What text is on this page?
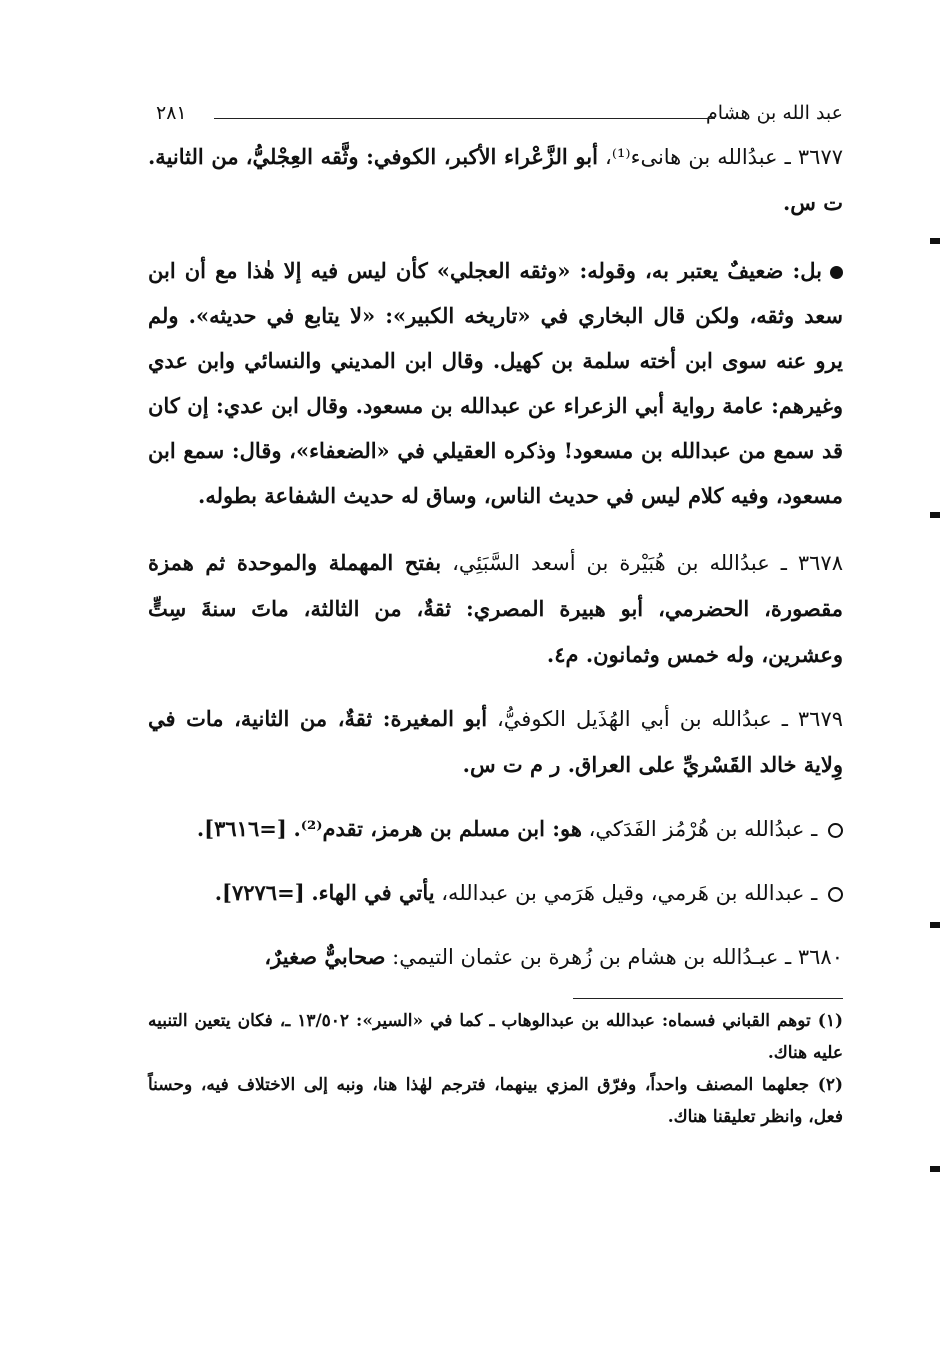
عبد الله بن هشام
٢٨١

٣٦٧٧ ـ عبدُالله بن هانىء⁽¹⁾، أبو الزَّعْراء الأكبر، الكوفي: وثَّقه العِجْليُّ، من الثانية. ت س.

بل: ضعيفٌ يعتبر به، وقوله: «وثقه العجلي» كأن ليس فيه إلا هٰذا مع أن ابن سعد وثقه، ولكن قال البخاري في «تاريخه الكبير»: «لا يتابع في حديثه». ولم يرو عنه سوى ابن أخته سلمة بن كهيل. وقال ابن المديني والنسائي وابن عدي وغيرهم: عامة رواية أبي الزعراء عن عبدالله بن مسعود. وقال ابن عدي: إن كان قد سمع من عبدالله بن مسعود! وذكره العقيلي في «الضعفاء»، وقال: سمع ابن مسعود، وفيه كلام ليس في حديث الناس، وساق له حديث الشفاعة بطوله.

٣٦٧٨ ـ عبدُالله بن هُبَيْرة بن أسعد السَّبَئِي، بفتح المهملة والموحدة ثم همزة مقصورة، الحضرمي، أبو هبيرة المصري: ثقةٌ، من الثالثة، ماتَ سنةَ سِتٍّ وعشرين، وله خمس وثمانون. م٤.

٣٦٧٩ ـ عبدُالله بن أبي الهُذَيل الكوفيُّ، أبو المغيرة: ثقةٌ، من الثانية، مات في وِلاية خالد القَسْريِّ على العراق. ر م ت س.

ـ عبدُالله بن هُرْمُز الفَدَكي، هو: ابن مسلم بن هرمز، تقدم⁽²⁾. [=٣٦١٦].

ـ عبدالله بن هَرمي، وقيل هَرَمي بن عبدالله، يأتي في الهاء. [=٧٢٧٦].

٣٦٨٠ ـ عبـدُالله بن هشام بن زُهرة بن عثمان التيمي: صحابيٌّ صغيرٌ،

(١) توهم القباني فسماه: عبدالله بن عبدالوهاب ـ كما في «السير»: ١٣/٥٠٢ ـ، فكان يتعين التنبيه عليه هناك.

(٢) جعلهما المصنف واحداً، وفرّق المزي بينهما، فترجم لهٰذا هنا، ونبه إلى الاختلاف فيه، وحسناً فعل، وانظر تعليقنا هناك.
